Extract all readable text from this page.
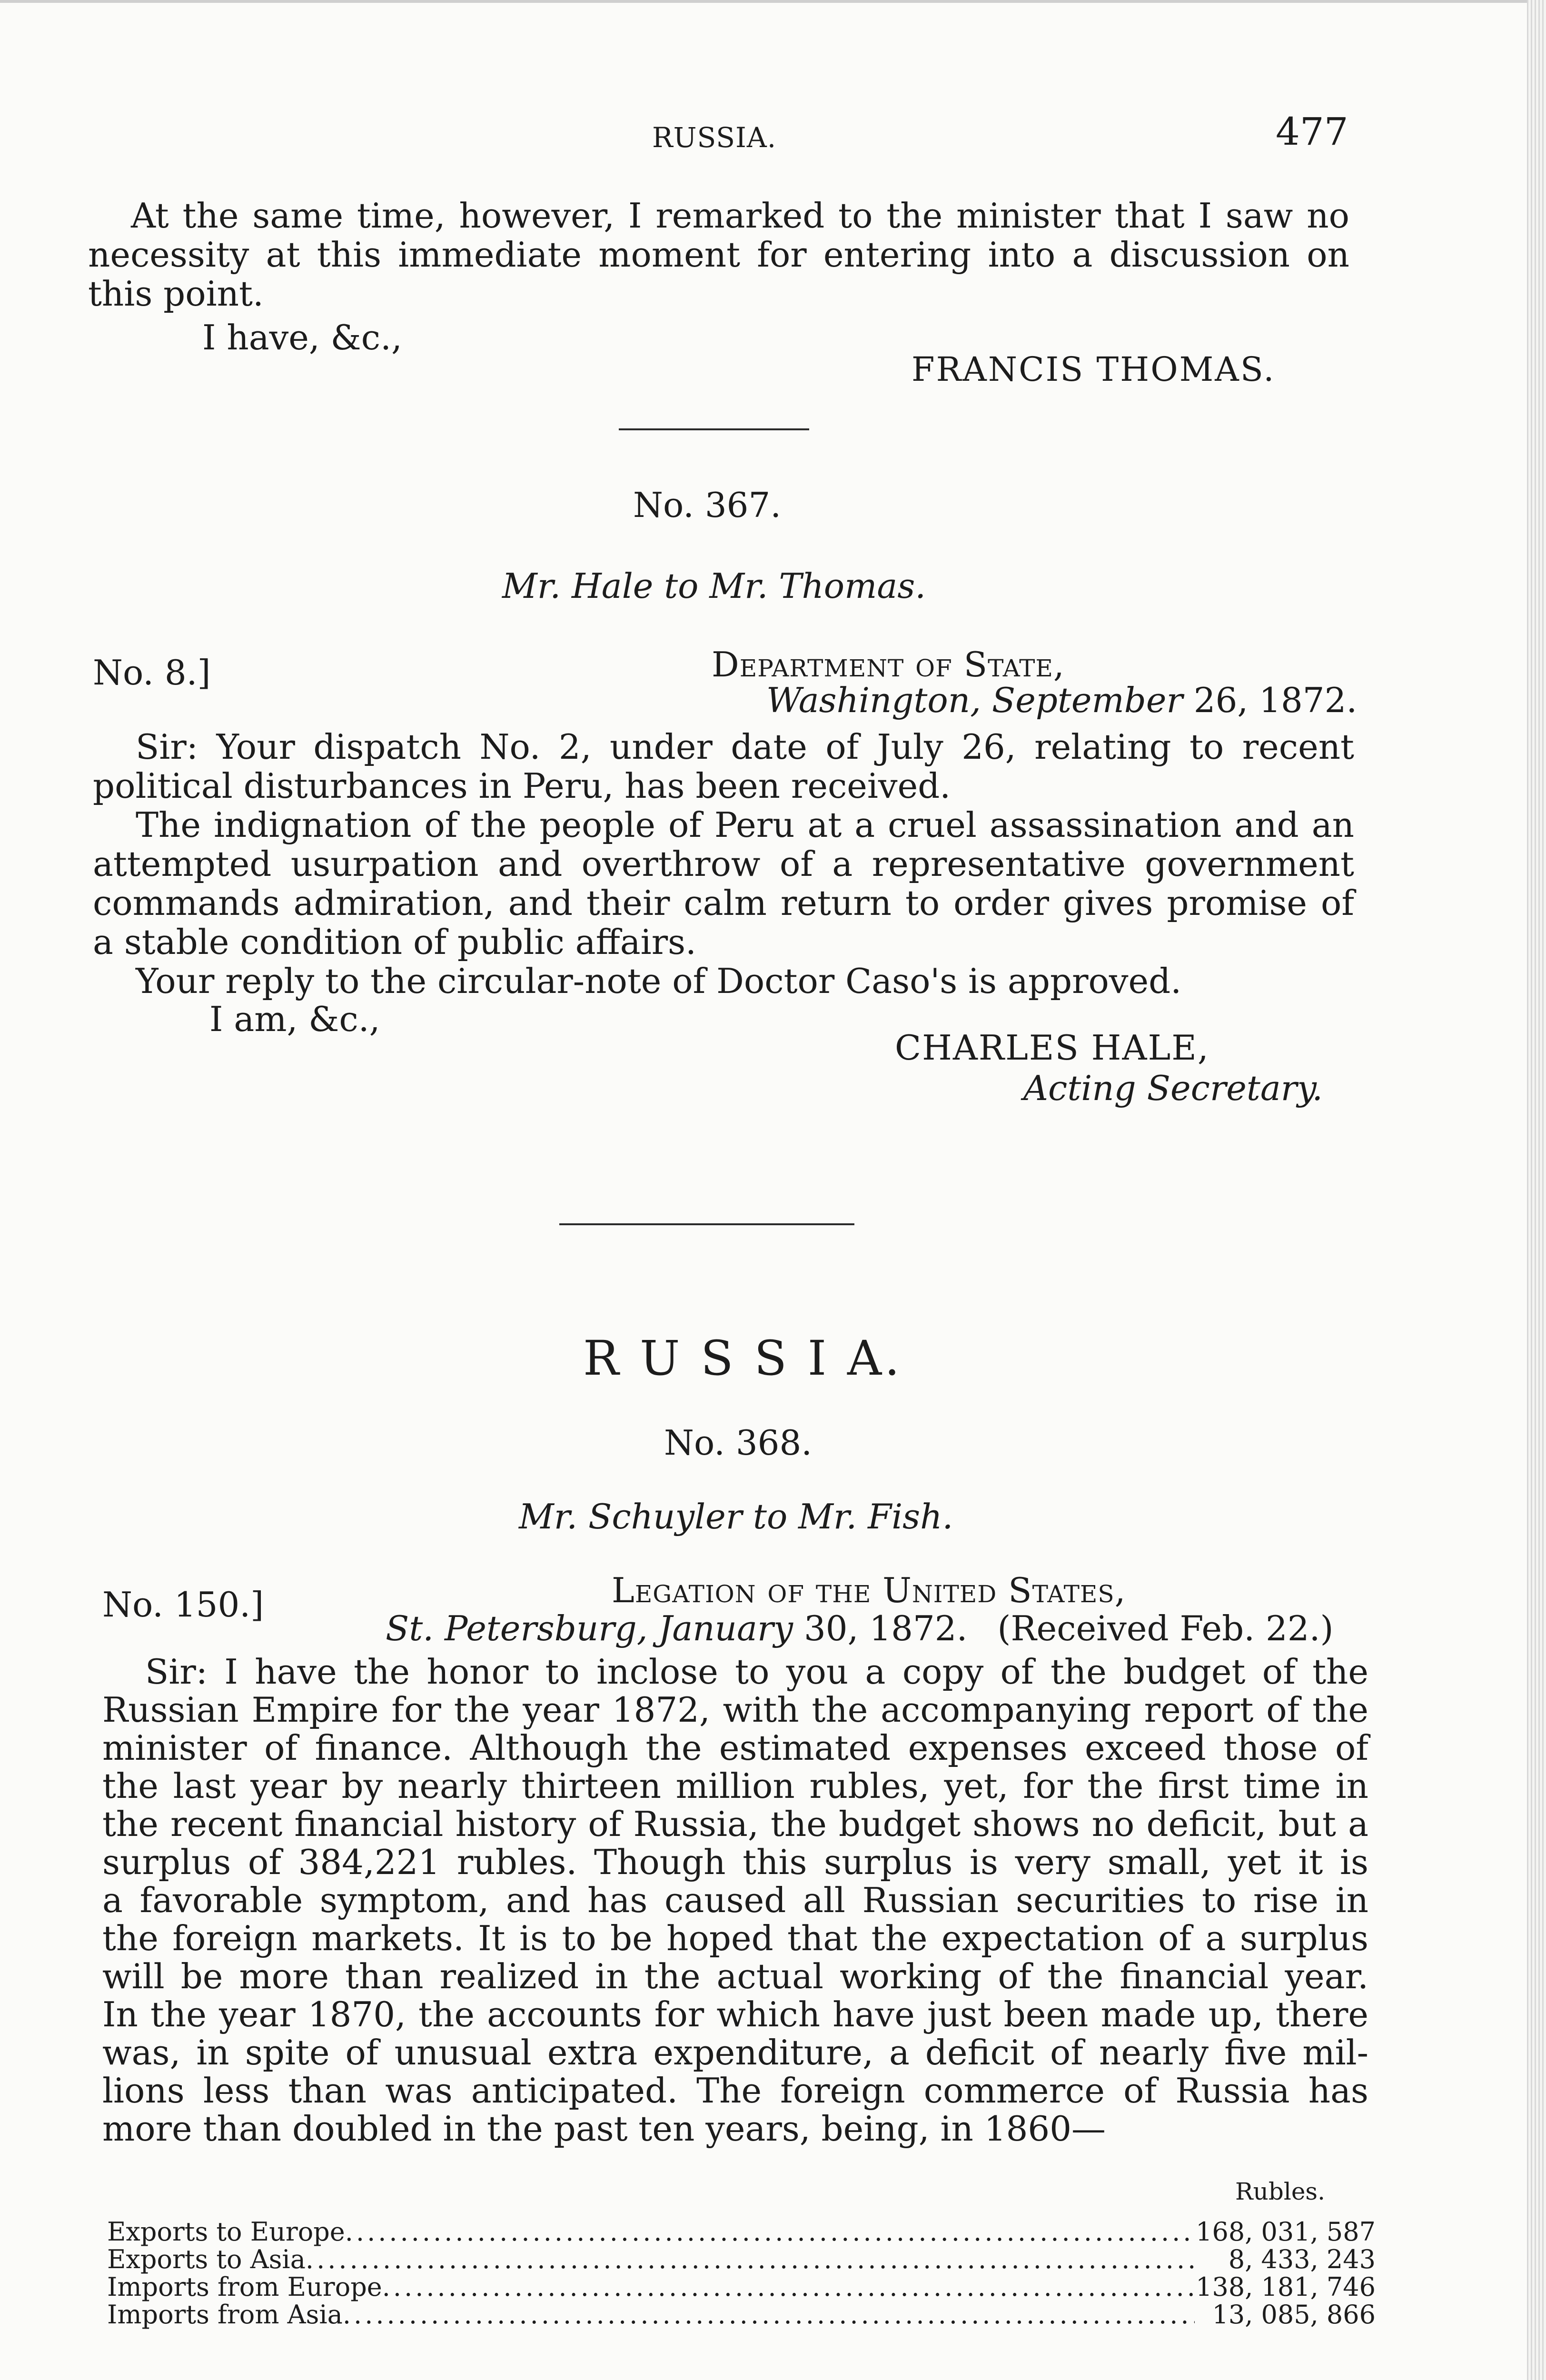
RUSSIA.	477
At the same time, however, I remarked to the minister that I saw no
necessity at this immediate moment for entering into a discussion on
this point.
I have, &c.,
FRANCIS THOMAS.
No. 367.
Mr. Hale to Mr. Thomas.
No. 8.]	Department of State,
Washington, September 26, 1872.
Sir: Your dispatch No. 2, under date of July 26, relating to recent
political disturbances in Peru, has been received.
The indignation of the people of Peru at a cruel assassination and an
attempted usurpation and overthrow of a representative government
commands admiration, and their calm return to order gives promise of
a stable condition of public affairs.
Your reply to the circular-note of Doctor Caso's is approved.
I am, &c.,
CHARLES HALE,
Acting Secretary.
R U S S I A.
No. 368.
Mr. Schuyler to Mr. Fish.
No. 150.]	Legation of the United States,
St. Petersburg, January 30, 1872. (Received Feb. 22.)
Sir: I have the honor to inclose to you a copy of the budget of the
Russian Empire for the year 1872, with the accompanying report of the
minister of finance. Although the estimated expenses exceed those of
the last year by nearly thirteen million rubles, yet, for the first time in
the recent financial history of Russia, the budget shows no deficit, but a
surplus of 384,221 rubles. Though this surplus is very small, yet it is
a favorable symptom, and has caused all Russian securities to rise in
the foreign markets. It is to be hoped that the expectation of a surplus
will be more than realized in the actual working of the financial year.
In the year 1870, the accounts for which have just been made up, there
was, in spite of unusual extra expenditure, a deficit of nearly five mil-
lions less than was anticipated. The foreign commerce of Russia has
more than doubled in the past ten years, being, in 1860—
Rubles.
Exports to Europe .....	168, 031, 587
Exports to Asia .....	8, 433, 243
Imports from Europe .....	138, 181, 746
Imports from Asia .....	13, 085, 866
